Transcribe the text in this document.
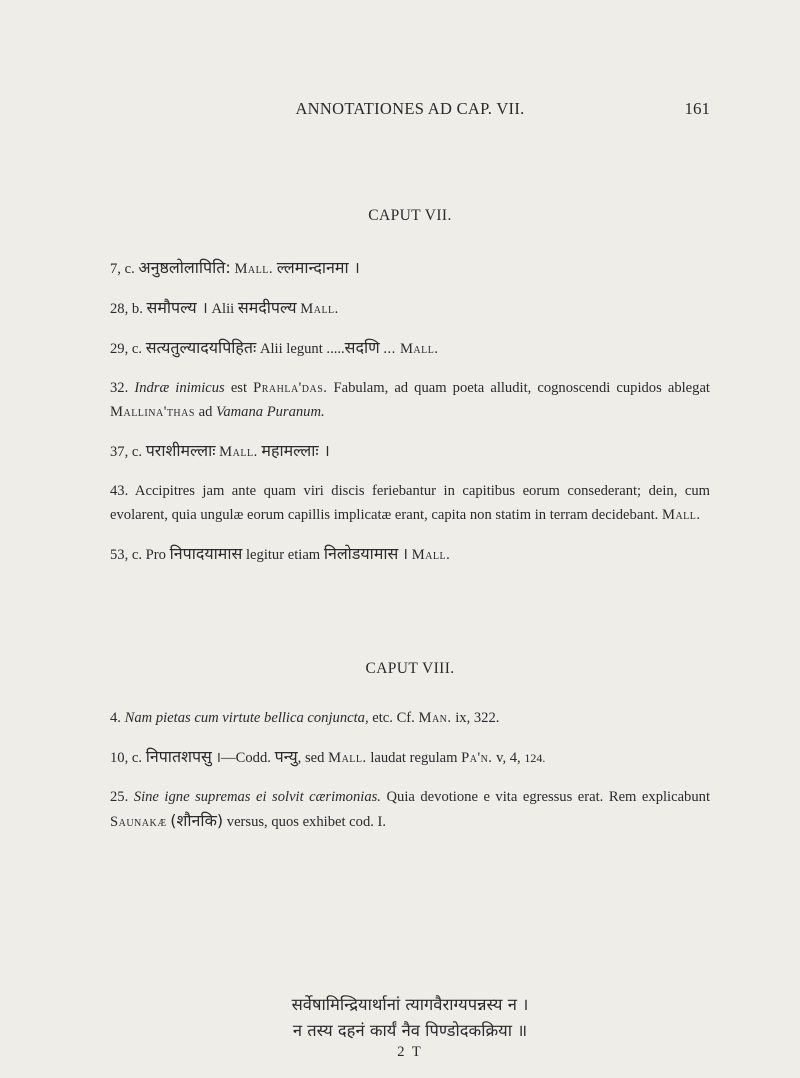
ANNOTATIONES AD CAP. VII.	161
CAPUT VII.

7, c. अनुष्ठलोलापिति: Mall. ल्लमान्दानमा ।

28, b. समौपल्य । Alii समदीपल्य Mall.

29, c. सत्यतुल्यादयपिहितः Alii legunt .....सदणि ... Mall.

32. Indræ inimicus est Prahla'das. Fabulam, ad quam poeta alludit, cognoscendi cupidos ablegat Mallina'thas ad Vamana Puranum.

37, c. पराशीमल्लाः Mall. महामल्लाः ।

43. Accipitres jam ante quam viri discis feriebantur in capitibus eorum consederant; dein, cum evolarent, quia ungulæ eorum capillis implicatæ erant, capita non statim in terram decidebant. Mall.

53, c. Pro निपादयामास legitur etiam निलोडयामास । Mall.

CAPUT VIII.

4. Nam pietas cum virtute bellica conjuncta, etc. Cf. Man. ix, 322.

10, c. निपातशपसु ।—Codd. पन्यु, sed Mall. laudat regulam Pa'n. v, 4, 124.

25. Sine igne supremas ei solvit cærimonias. Quia devotione e vita egressus erat. Rem explicabunt Saunakæ (शौनकि) versus, quos exhibet cod. I.

सर्वेषामिन्द्रियार्थानां त्यागवैराग्यपन्नस्य न ।
न तस्य दहनं कार्यं नैव पिण्डोदकक्रिया ॥
2 T
